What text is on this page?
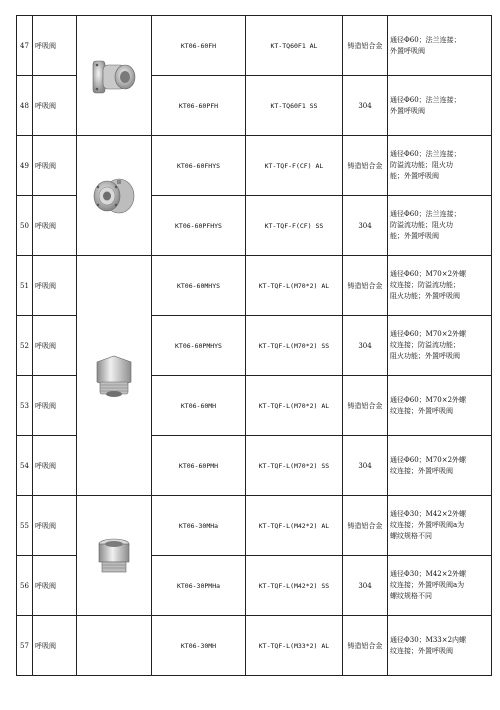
47	呼吸阀		KT06-60FH	KT-TQ60F1 AL	铸造铝合金	通径Φ60；法兰连接；
外置呼吸阀

48	呼吸阀		KT06-60PFH	KT-TQ60F1 SS	304	通径Φ60；法兰连接；
外置呼吸阀

49	呼吸阀		KT06-60FHYS	KT-TQF-F(CF) AL	铸造铝合金	通径Φ60；法兰连接；
防溢流功能；阻火功
能；外置呼吸阀

50	呼吸阀		KT06-60PFHYS	KT-TQF-F(CF) SS	304	通径Φ60；法兰连接；
防溢流功能；阻火功
能；外置呼吸阀

51	呼吸阀		KT06-60MHYS	KT-TQF-L(M70*2) AL	铸造铝合金	通径Φ60；M70×2外螺
纹连接；防溢流功能；
阻火功能；外置呼吸阀

52	呼吸阀		KT06-60PMHYS	KT-TQF-L(M70*2) SS	304	通径Φ60；M70×2外螺
纹连接；防溢流功能；
阻火功能；外置呼吸阀

53	呼吸阀		KT06-60MH	KT-TQF-L(M70*2) AL	铸造铝合金	通径Φ60；M70×2外螺
纹连接；外置呼吸阀

54	呼吸阀		KT06-60PMH	KT-TQF-L(M70*2) SS	304	通径Φ60；M70×2外螺
纹连接；外置呼吸阀

55	呼吸阀		KT06-30MHa	KT-TQF-L(M42*2) AL	铸造铝合金	通径Φ30；M42×2外螺
纹连接；外置呼吸阀a为
螺纹规格不同

56	呼吸阀		KT06-30PMHa	KT-TQF-L(M42*2) SS	304	通径Φ30；M42×2外螺
纹连接；外置呼吸阀a为
螺纹规格不同

57	呼吸阀		KT06-30MH	KT-TQF-L(M33*2) AL	铸造铝合金	通径Φ30；M33×2内螺
纹连接；外置呼吸阀
